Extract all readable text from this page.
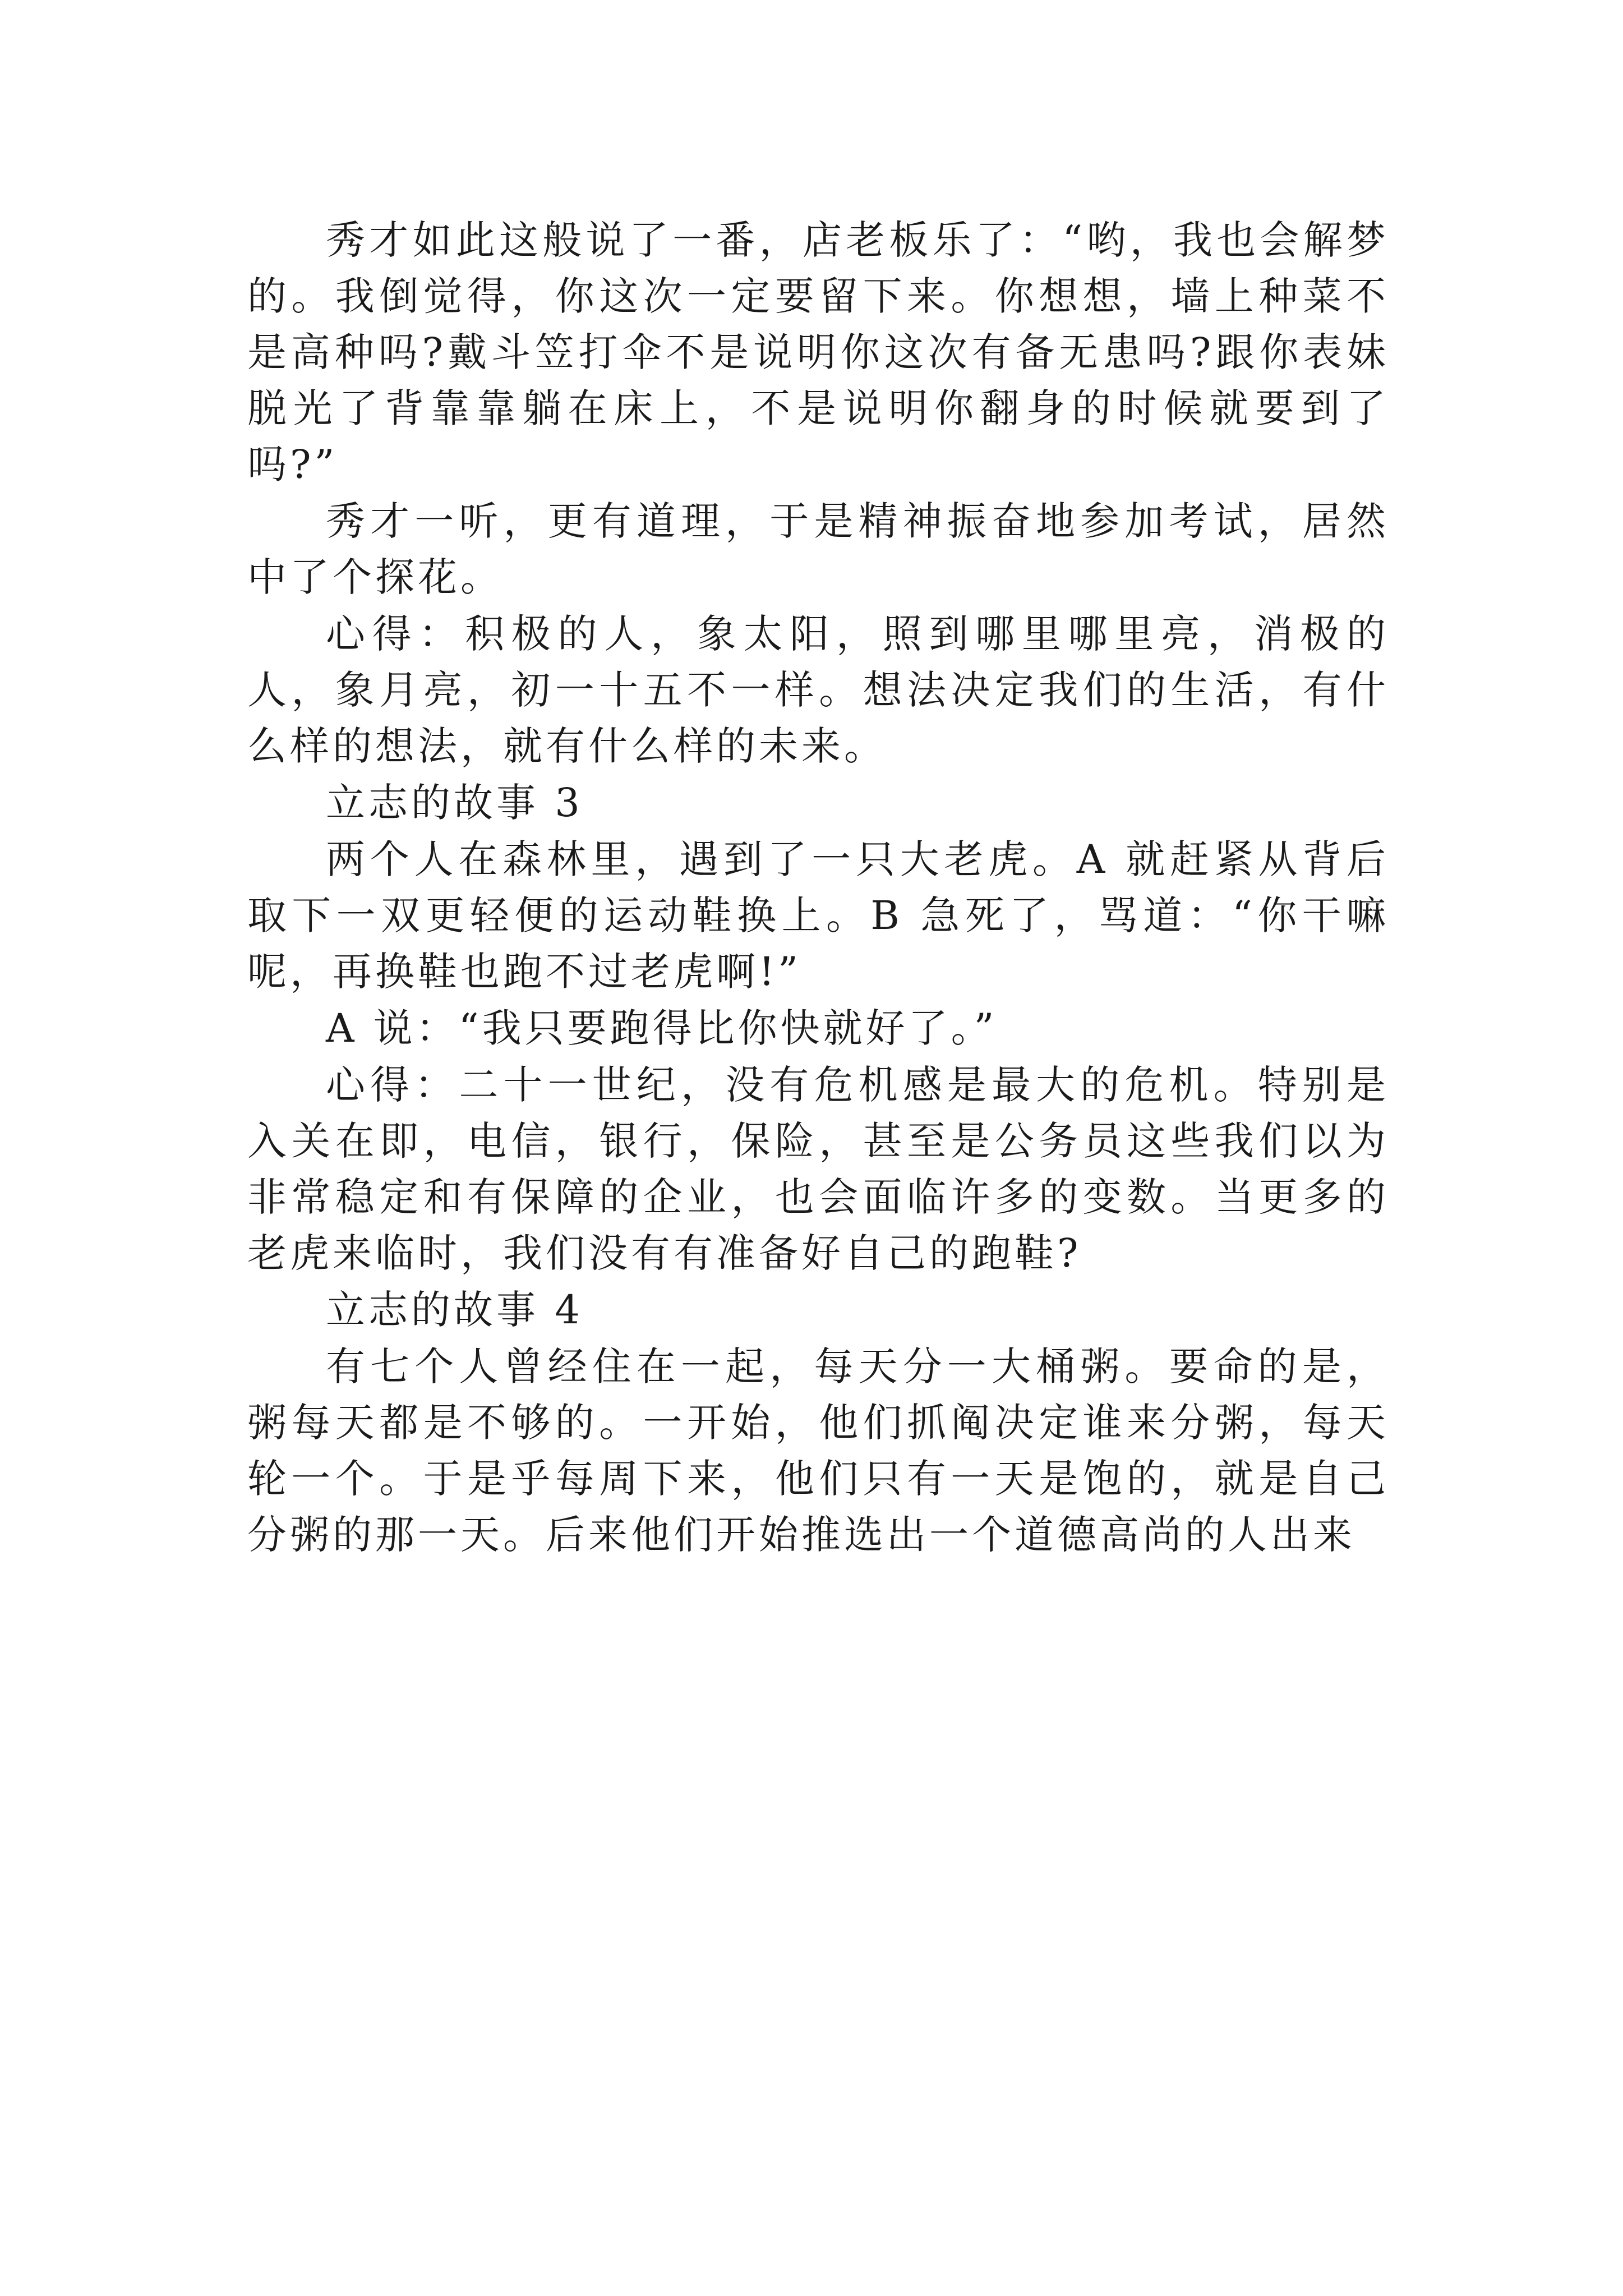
秀才如此这般说了一番，店老板乐了：“哟，我也会解梦的。我倒觉得，你这次一定要留下来。你想想，墙上种菜不是高种吗?戴斗笠打伞不是说明你这次有备无患吗?跟你表妹脱光了背靠靠躺在床上，不是说明你翻身的时候就要到了吗?”

秀才一听，更有道理，于是精神振奋地参加考试，居然中了个探花。

心得：积极的人，象太阳，照到哪里哪里亮，消极的人，象月亮，初一十五不一样。想法决定我们的生活，有什么样的想法，就有什么样的未来。

立志的故事 3

两个人在森林里，遇到了一只大老虎。A 就赶紧从背后取下一双更轻便的运动鞋换上。B 急死了，骂道：“你干嘛呢，再换鞋也跑不过老虎啊!”

A 说：“我只要跑得比你快就好了。”

心得：二十一世纪，没有危机感是最大的危机。特别是入关在即，电信，银行，保险，甚至是公务员这些我们以为非常稳定和有保障的企业，也会面临许多的变数。当更多的老虎来临时，我们没有有准备好自己的跑鞋?

立志的故事 4

有七个人曾经住在一起，每天分一大桶粥。要命的是，粥每天都是不够的。一开始，他们抓阄决定谁来分粥，每天轮一个。于是乎每周下来，他们只有一天是饱的，就是自己分粥的那一天。后来他们开始推选出一个道德高尚的人出来
